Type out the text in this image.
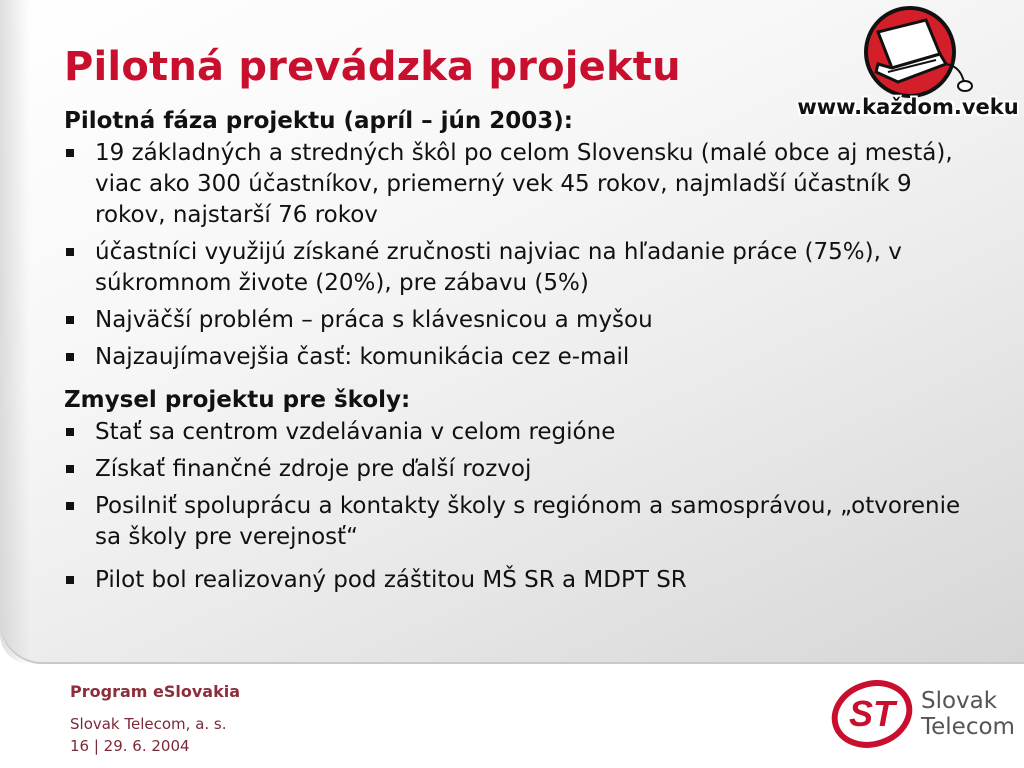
Pilotná prevádzka projektu
www.každom.veku

Pilotná fáza projektu (apríl – jún 2003):

19 základných a stredných škôl po celom Slovensku (malé obce aj mestá), viac ako 300 účastníkov, priemerný vek 45 rokov, najmladší účastník 9 rokov, najstarší 76 rokov
účastníci využijú získané zručnosti najviac na hľadanie práce (75%), v súkromnom živote (20%), pre zábavu (5%)
Najväčší problém – práca s klávesnicou a myšou
Najzaujímavejšia časť: komunikácia cez e-mail

Zmysel projektu pre školy:

Stať sa centrom vzdelávania v celom regióne
Získať finančné zdroje pre ďalší rozvoj
Posilniť spoluprácu a kontakty školy s regiónom a samosprávou, „otvorenie sa školy pre verejnosť“
Pilot bol realizovaný pod záštitou MŠ SR a MDPT SR

Program eSlovakia

Slovak Telecom, a. s.

16 | 29. 6. 2004

ST Slovak
Telecom
